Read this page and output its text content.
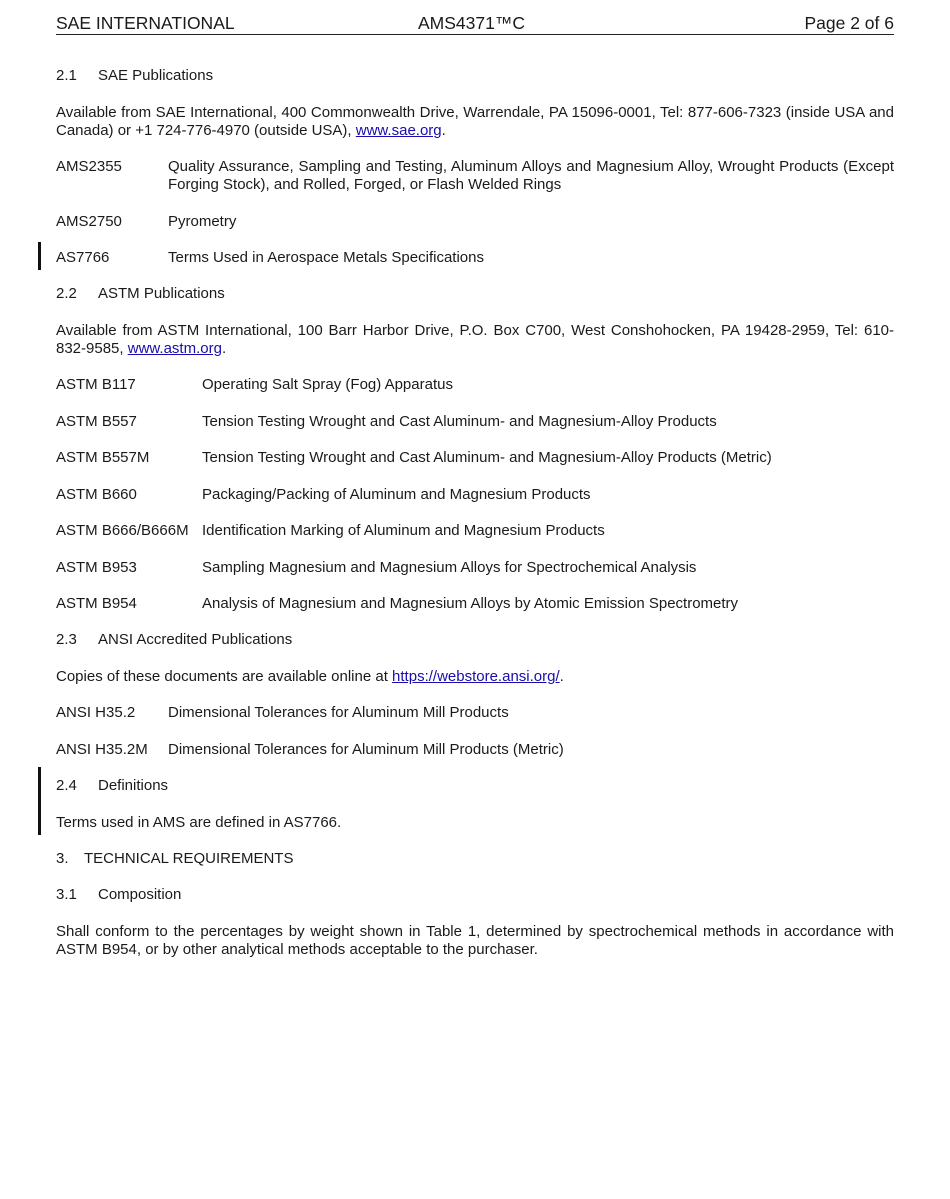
SAE INTERNATIONAL	AMS4371™C	Page 2 of 6
2.1 SAE Publications
Available from SAE International, 400 Commonwealth Drive, Warrendale, PA 15096-0001, Tel: 877-606-7323 (inside USA and Canada) or +1 724-776-4970 (outside USA), www.sae.org.
AMS2355	Quality Assurance, Sampling and Testing, Aluminum Alloys and Magnesium Alloy, Wrought Products (Except Forging Stock), and Rolled, Forged, or Flash Welded Rings
AMS2750	Pyrometry
AS7766	Terms Used in Aerospace Metals Specifications
2.2 ASTM Publications
Available from ASTM International, 100 Barr Harbor Drive, P.O. Box C700, West Conshohocken, PA 19428-2959, Tel: 610-832-9585, www.astm.org.
ASTM B117	Operating Salt Spray (Fog) Apparatus
ASTM B557	Tension Testing Wrought and Cast Aluminum- and Magnesium-Alloy Products
ASTM B557M	Tension Testing Wrought and Cast Aluminum- and Magnesium-Alloy Products (Metric)
ASTM B660	Packaging/Packing of Aluminum and Magnesium Products
ASTM B666/B666M Identification Marking of Aluminum and Magnesium Products
ASTM B953	Sampling Magnesium and Magnesium Alloys for Spectrochemical Analysis
ASTM B954	Analysis of Magnesium and Magnesium Alloys by Atomic Emission Spectrometry
2.3 ANSI Accredited Publications
Copies of these documents are available online at https://webstore.ansi.org/.
ANSI H35.2 Dimensional Tolerances for Aluminum Mill Products
ANSI H35.2M Dimensional Tolerances for Aluminum Mill Products (Metric)
2.4 Definitions
Terms used in AMS are defined in AS7766.
3. TECHNICAL REQUIREMENTS
3.1 Composition
Shall conform to the percentages by weight shown in Table 1, determined by spectrochemical methods in accordance with ASTM B954, or by other analytical methods acceptable to the purchaser.
